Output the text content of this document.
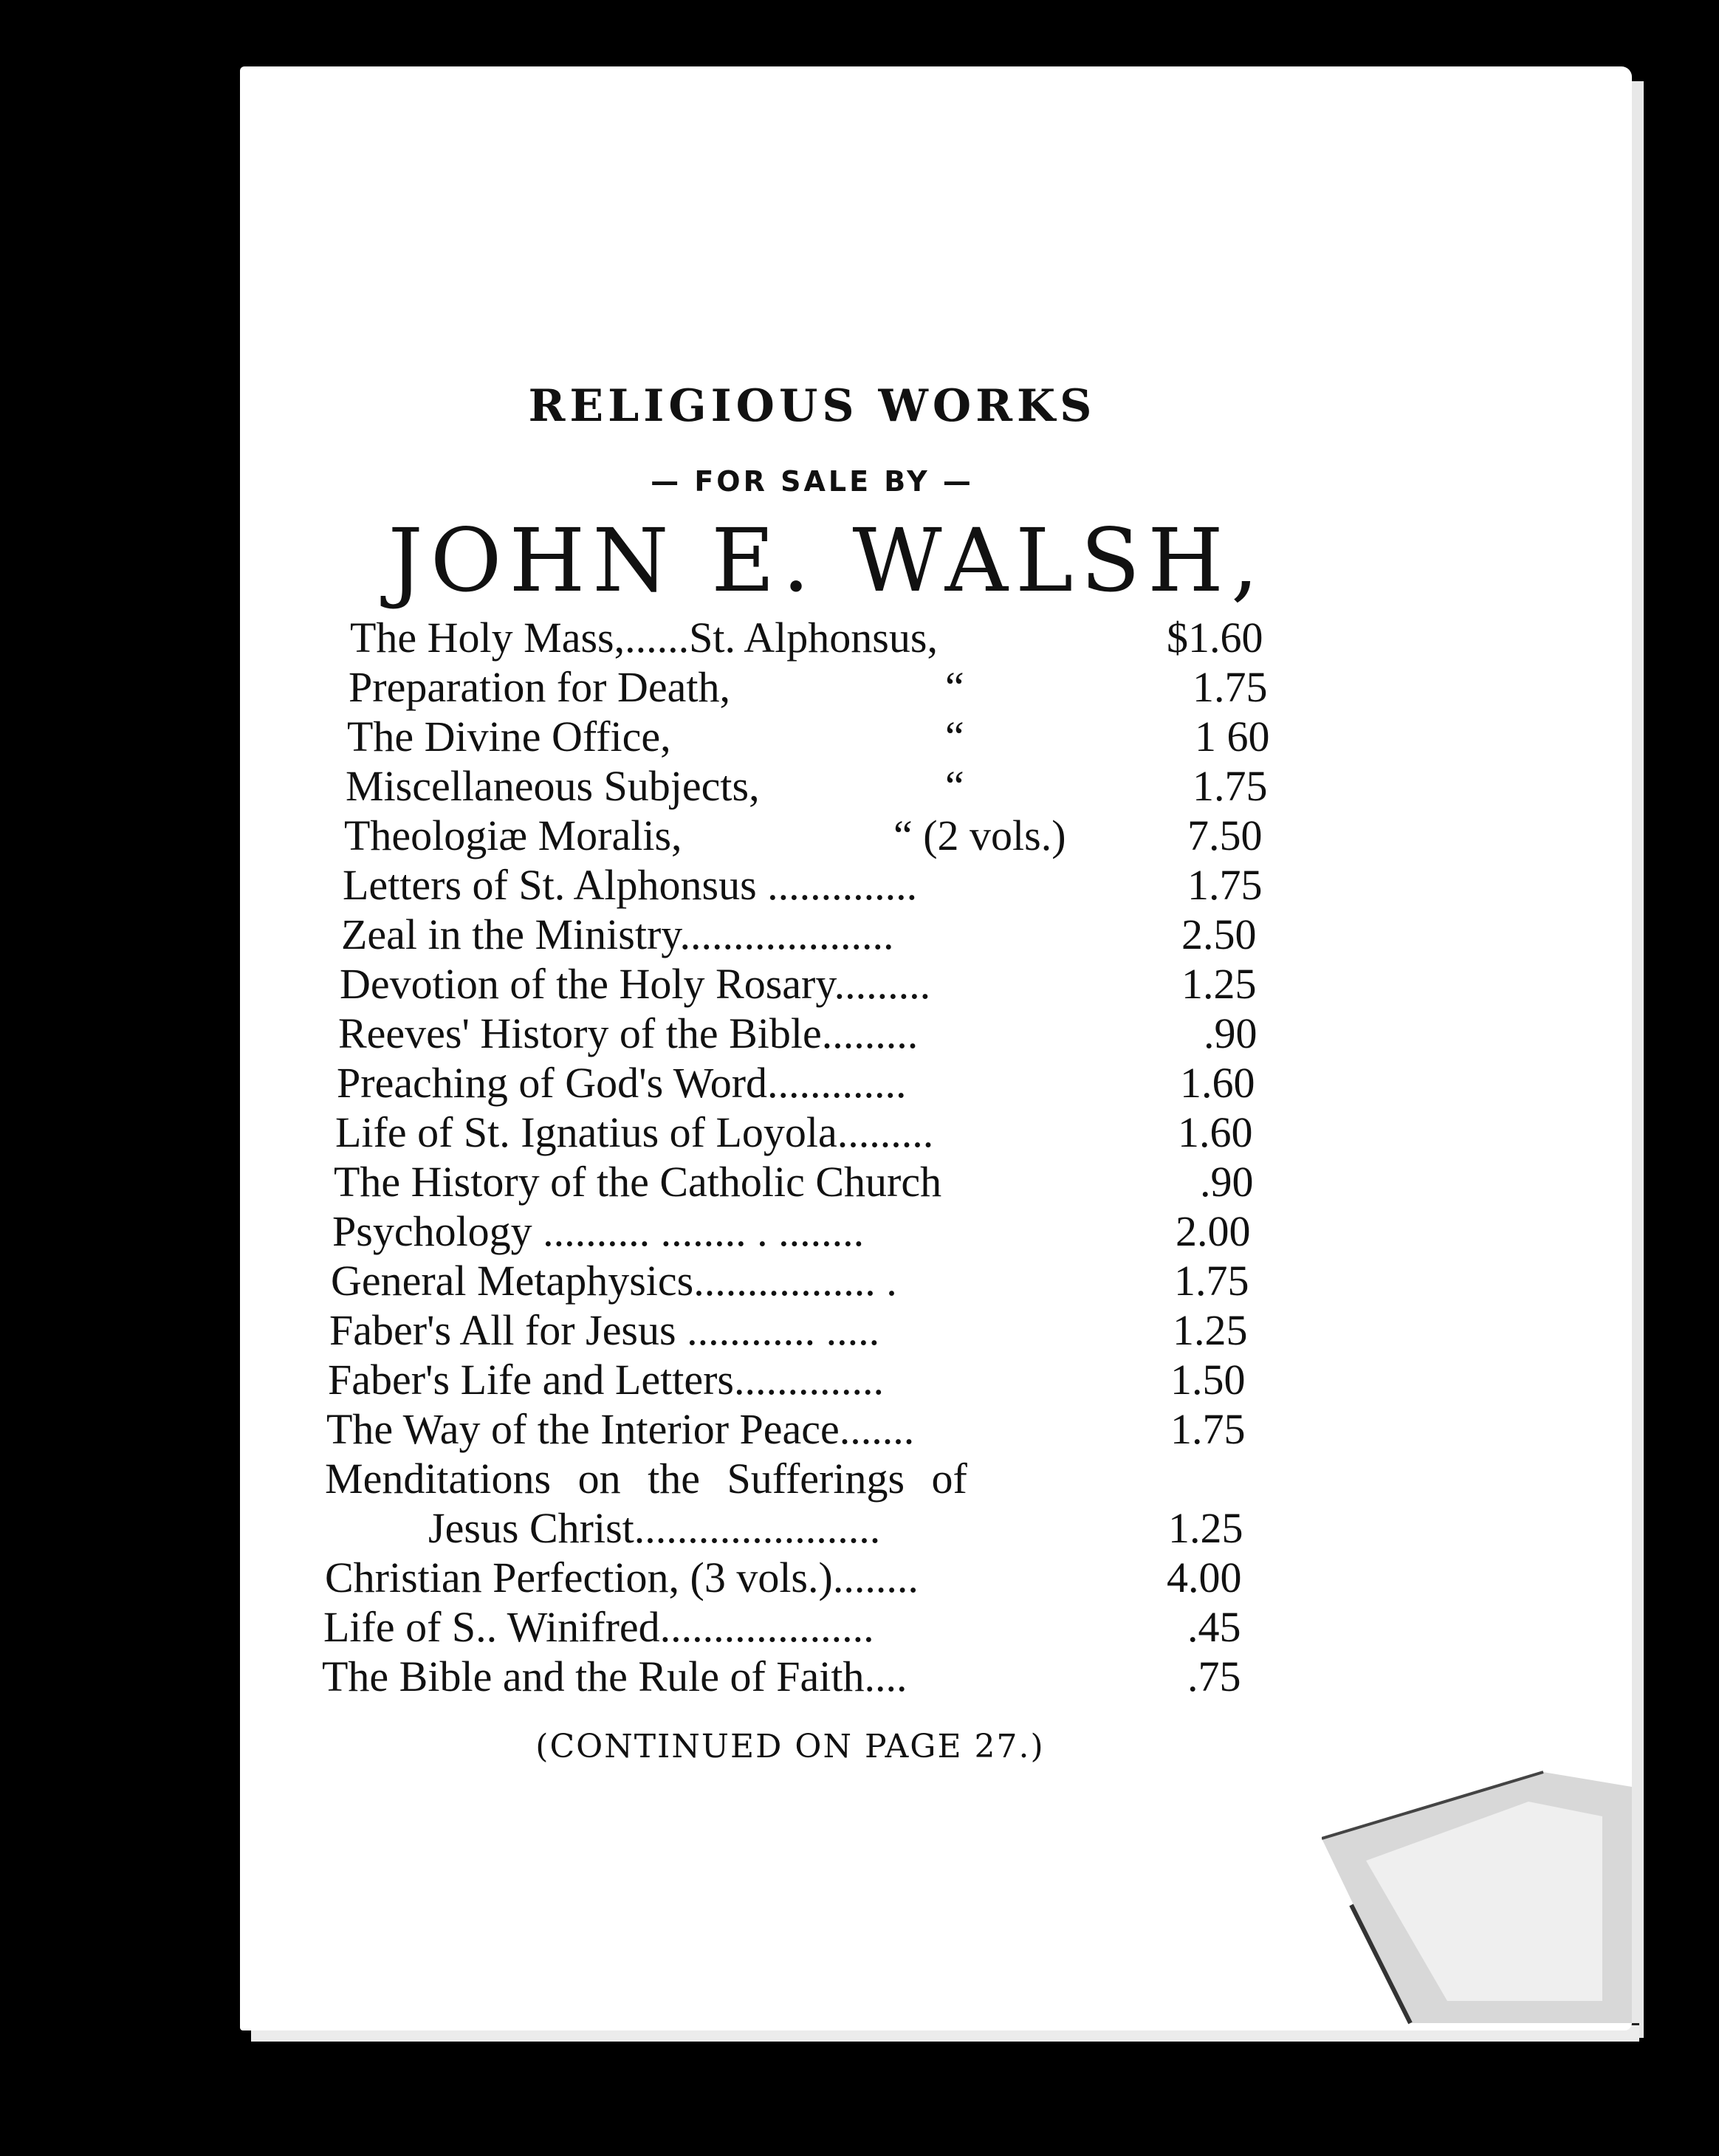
RELIGIOUS WORKS
— FOR SALE BY —
JOHN E. WALSH,
The Holy Mass,......St. Alphonsus,	$1.60
Preparation for Death,	“	1.75
The Divine Office,	“	1 60
Miscellaneous Subjects,	“	1.75
Theologiæ Moralis,	“ (2 vols.)	7.50
Letters of St. Alphonsus ..............	1.75
Zeal in the Ministry....................	2.50
Devotion of the Holy Rosary.........	1.25
Reeves' History of the Bible.........	.90
Preaching of God's Word.............	1.60
Life of St. Ignatius of Loyola.........	1.60
The History of the Catholic Church	.90
Psychology .......... ........ . ........	2.00
General Metaphysics................. .	1.75
Faber's All for Jesus ............ .....	1.25
Faber's Life and Letters..............	1.50
The Way of the Interior Peace.......	1.75
Menditations on the Sufferings of
Jesus Christ.......................	1.25
Christian Perfection, (3 vols.)........	4.00
Life of S.. Winifred....................	.45
The Bible and the Rule of Faith....	.75
(CONTINUED ON PAGE 27.)
